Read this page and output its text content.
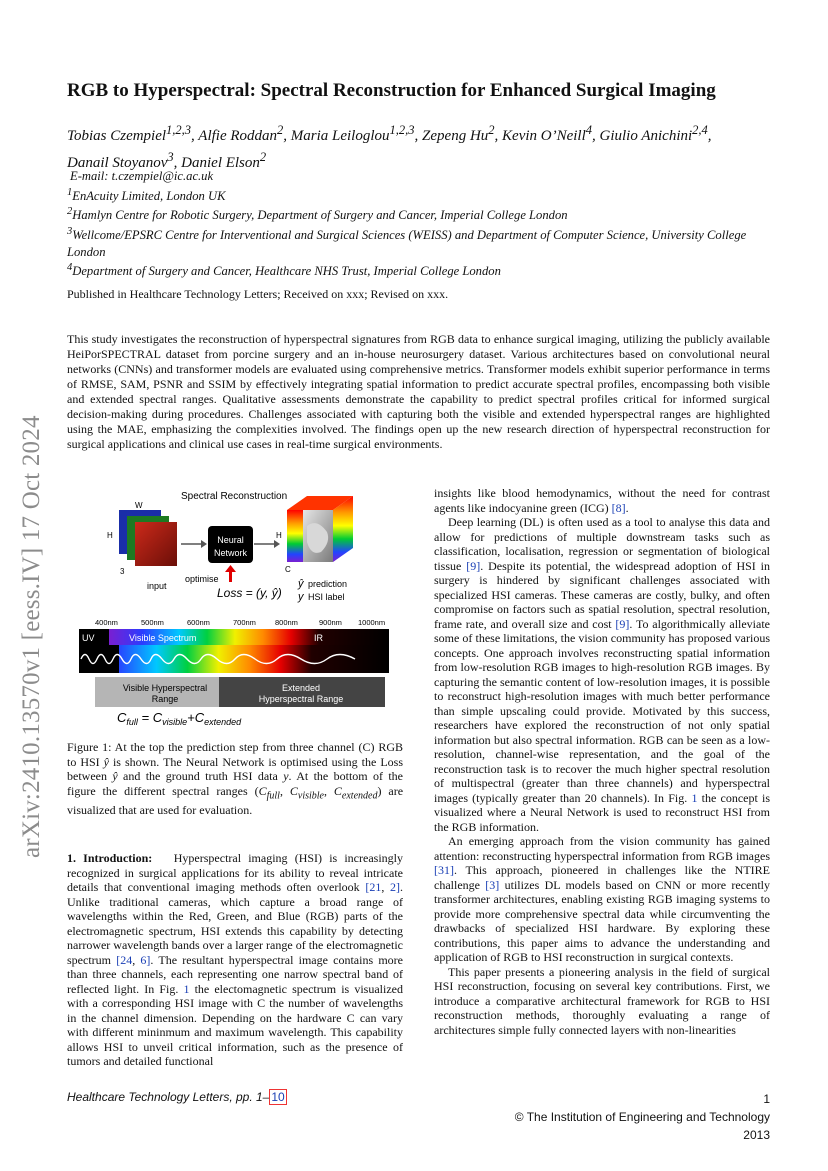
arXiv:2410.13570v1 [eess.IV] 17 Oct 2024
RGB to Hyperspectral: Spectral Reconstruction for Enhanced Surgical Imaging
Tobias Czempiel$^{1,2,3}$, Alfie Roddan$^2$, Maria Leiloglou$^{1,2,3}$, Zepeng Hu$^2$, Kevin O’Neill$^4$, Giulio Anichini$^{2,4}$,
Danail Stoyanov$^3$, Daniel Elson$^2$
E-mail: t.czempiel@ic.ac.uk
$^1$EnAcuity Limited, London UK
$^2$Hamlyn Centre for Robotic Surgery, Department of Surgery and Cancer, Imperial College London
$^3$Wellcome/EPSRC Centre for Interventional and Surgical Sciences (WEISS) and Department of Computer Science, University College London
$^4$Department of Surgery and Cancer, Healthcare NHS Trust, Imperial College London
Published in Healthcare Technology Letters; Received on xxx; Revised on xxx.
This study investigates the reconstruction of hyperspectral signatures from RGB data to enhance surgical imaging, utilizing the publicly available HeiPorSPECTRAL dataset from porcine surgery and an in-house neurosurgery dataset. Various architectures based on convolutional neural networks (CNNs) and transformer models are evaluated using comprehensive metrics. Transformer models exhibit superior performance in terms of RMSE, SAM, PSNR and SSIM by effectively integrating spatial information to predict accurate spectral profiles, encompassing both visible and extended spectral ranges. Qualitative assessments demonstrate the capability to predict spectral profiles critical for informed surgical decision-making during procedures. Challenges associated with capturing both the visible and extended hyperspectral ranges are highlighted using the MAE, emphasizing the complexities involved. The findings open up the new research direction of hyperspectral reconstruction for surgical applications and clinical use cases in real-time surgical environments.
Spectral Reconstruction
W
H
3
input
Neural
Network
optimise
Loss = (y, ŷ)
H
C
ŷ prediction
y HSI label
400nm	500nm	600nm	700nm	800nm	900nm 1000nm
UV	Visible Spectrum	IR
Visible Hyperspectral
Range
Extended
Hyperspectral Range
$C_{full} = C_{visible}+C_{extended}$
Figure 1: At the top the prediction step from three channel (C) RGB to HSI ŷ is shown. The Neural Network is optimised using the Loss between ŷ and the ground truth HSI data y. At the bottom of the figure the different spectral ranges ($C_{full}$, $C_{visible}$, $C_{extended}$) are visualized that are used for evaluation.

1. Introduction:   Hyperspectral imaging (HSI) is increasingly recognized in surgical applications for its ability to reveal intricate details that conventional imaging methods often overlook [21, 2]. Unlike traditional cameras, which capture a broad range of wavelengths within the Red, Green, and Blue (RGB) parts of the electromagnetic spectrum, HSI extends this capability by detecting narrower wavelength bands over a larger range of the electromagnetic spectrum [24, 6]. The resultant hyperspectral image contains more than three channels, each representing one narrow spectral band of reflected light. In Fig. 1 the electomagnetic spectrum is visualized with a corresponding HSI image with C the number of wavelengths in the channel dimension. Depending on the hardware C can vary with different mininmum and maximum wavelength. This capability allows HSI to unveil critical information, such as the presence of tumors and detailed functional

insights like blood hemodynamics, without the need for contrast agents like indocyanine green (ICG) [8].

Deep learning (DL) is often used as a tool to analyse this data and allow for predictions of multiple downstream tasks such as classification, localisation, regression or segmentation of biological tissue [9]. Despite its potential, the widespread adoption of HSI in surgery is hindered by significant challenges associated with specialized HSI cameras. These cameras are costly, bulky, and often compromise on factors such as spatial resolution, spectral resolution, frame rate, and overall size and cost [9]. To algorithmically alleviate some of these limitations, the vision community has proposed various concepts. One approach involves reconstructing spatial information from low-resolution RGB images to high-resolution RGB images. By capturing the semantic content of low-resolution images, it is possible to reconstruct high-resolution images with much better performance than simple upscaling could provide. Motivated by this success, researchers have explored the reconstruction of not only spatial information but also spectral information. RGB can be seen as a low-resolution, channel-wise representation, and the goal of the reconstruction task is to recover the much higher spectral resolution of multispectral (greater than three channels) and hyperspectral images (typically greater than 20 channels). In Fig. 1 the concept is visualized where a Neural Network is used to reconstruct HSI from the RGB information.

An emerging approach from the vision community has gained attention: reconstructing hyperspectral information from RGB images [31]. This approach, pioneered in challenges like the NTIRE challenge [3] utilizes DL models based on CNN or more recently transformer architectures, enabling existing RGB imaging systems to provide more comprehensive spectral data while circumventing the drawbacks of specialized HSI hardware. By exploring these contributions, this paper aims to advance the understanding and application of RGB to HSI reconstruction in surgical contexts.

This paper presents a pioneering analysis in the field of surgical HSI reconstruction, focusing on several key contributions. First, we introduce a comparative architectural framework for RGB to HSI reconstruction methods, thoroughly evaluating a range of architectures simple fully connected layers with non-linearities

Healthcare Technology Letters, pp. 1– 10	1
© The Institution of Engineering and Technology 2013
